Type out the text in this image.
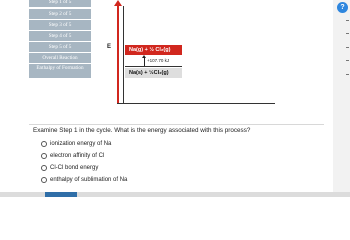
Step 1 of 5
Step 2 of 5
Step 3 of 5
Step 4 of 5
Step 5 of 5
Overall Reaction
Enthalpy of Formation
E	Na(g) + ½ Cl₂(g)
+107.70 kJ
Na(s) + ½Cl₂(g)
?
Examine Step 1 in the cycle. What is the energy associated with this process?
ionization energy of Na
electron affinity of Cl
Cl-Cl bond energy
enthalpy of sublimation of Na
